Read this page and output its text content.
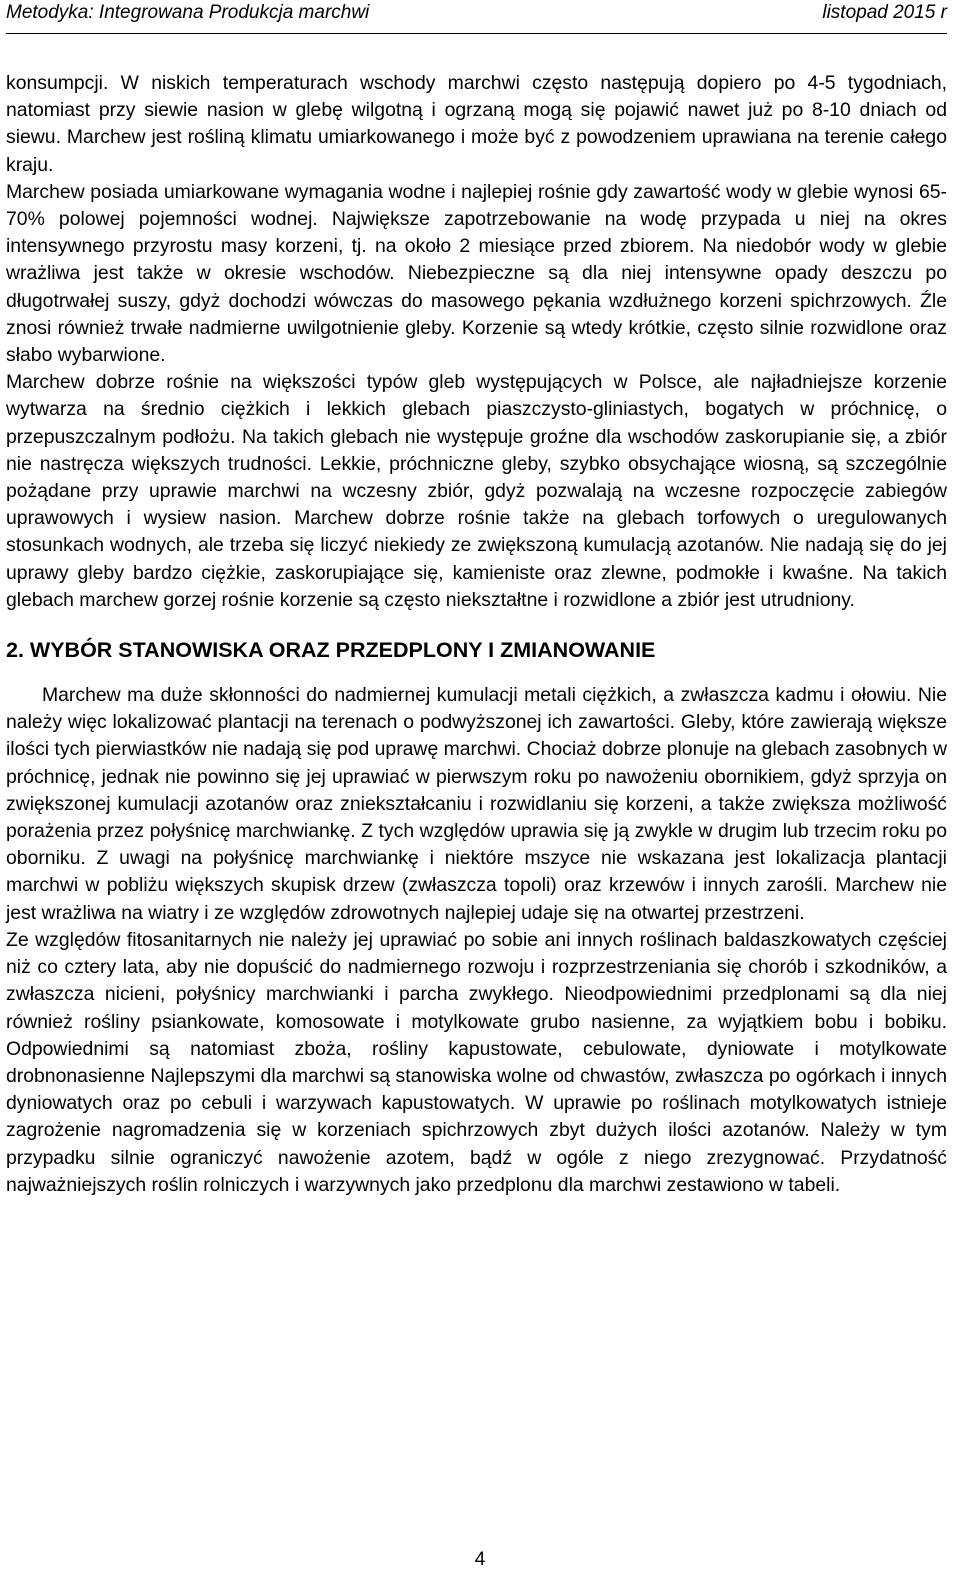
Metodyka: Integrowana Produkcja marchwi	listopad 2015 r

konsumpcji. W niskich temperaturach wschody marchwi często następują dopiero po 4-5 tygodniach, natomiast przy siewie nasion w glebę wilgotną i ogrzaną mogą się pojawić nawet już po 8-10 dniach od siewu. Marchew jest rośliną klimatu umiarkowanego i może być z powodzeniem uprawiana na terenie całego kraju.

Marchew posiada umiarkowane wymagania wodne i najlepiej rośnie gdy zawartość wody w glebie wynosi 65-70% polowej pojemności wodnej. Największe zapotrzebowanie na wodę przypada u niej na okres intensywnego przyrostu masy korzeni, tj. na około 2 miesiące przed zbiorem. Na niedobór wody w glebie wrażliwa jest także w okresie wschodów. Niebezpieczne są dla niej intensywne opady deszczu po długotrwałej suszy, gdyż dochodzi wówczas do masowego pękania wzdłużnego korzeni spichrzowych. Źle znosi również trwałe nadmierne uwilgotnienie gleby. Korzenie są wtedy krótkie, często silnie rozwidlone oraz słabo wybarwione.

Marchew dobrze rośnie na większości typów gleb występujących w Polsce, ale najładniejsze korzenie wytwarza na średnio ciężkich i lekkich glebach piaszczysto-gliniastych, bogatych w próchnicę, o przepuszczalnym podłożu. Na takich glebach nie występuje groźne dla wschodów zaskorupianie się, a zbiór nie nastręcza większych trudności. Lekkie, próchniczne gleby, szybko obsychające wiosną, są szczególnie pożądane przy uprawie marchwi na wczesny zbiór, gdyż pozwalają na wczesne rozpoczęcie zabiegów uprawowych i wysiew nasion. Marchew dobrze rośnie także na glebach torfowych o uregulowanych stosunkach wodnych, ale trzeba się liczyć niekiedy ze zwiększoną kumulacją azotanów. Nie nadają się do jej uprawy gleby bardzo ciężkie, zaskorupiające się, kamieniste oraz zlewne, podmokłe i kwaśne. Na takich glebach marchew gorzej rośnie korzenie są często niekształtne i rozwidlone a zbiór jest utrudniony.

2. WYBÓR STANOWISKA ORAZ PRZEDPLONY I ZMIANOWANIE

Marchew ma duże skłonności do nadmiernej kumulacji metali ciężkich, a zwłaszcza kadmu i ołowiu. Nie należy więc lokalizować plantacji na terenach o podwyższonej ich zawartości. Gleby, które zawierają większe ilości tych pierwiastków nie nadają się pod uprawę marchwi. Chociaż dobrze plonuje na glebach zasobnych w próchnicę, jednak nie powinno się jej uprawiać w pierwszym roku po nawożeniu obornikiem, gdyż sprzyja on zwiększonej kumulacji azotanów oraz zniekształcaniu i rozwidlaniu się korzeni, a także zwiększa możliwość porażenia przez połyśnicę marchwiankę. Z tych względów uprawia się ją zwykle w drugim lub trzecim roku po oborniku. Z uwagi na połyśnicę marchwiankę i niektóre mszyce nie wskazana jest lokalizacja plantacji marchwi w pobliżu większych skupisk drzew (zwłaszcza topoli) oraz krzewów i innych zarośli. Marchew nie jest wrażliwa na wiatry i ze względów zdrowotnych najlepiej udaje się na otwartej przestrzeni.

Ze względów fitosanitarnych nie należy jej uprawiać po sobie ani innych roślinach baldaszkowatych częściej niż co cztery lata, aby nie dopuścić do nadmiernego rozwoju i rozprzestrzeniania się chorób i szkodników, a zwłaszcza nicieni, połyśnicy marchwianki i parcha zwykłego. Nieodpowiednimi przedplonami są dla niej również rośliny psiankowate, komosowate i motylkowate grubo nasienne, za wyjątkiem bobu i bobiku. Odpowiednimi są natomiast zboża, rośliny kapustowate, cebulowate, dyniowate i motylkowate drobnonasienne Najlepszymi dla marchwi są stanowiska wolne od chwastów, zwłaszcza po ogórkach i innych dyniowatych oraz po cebuli i warzywach kapustowatych. W uprawie po roślinach motylkowatych istnieje zagrożenie nagromadzenia się w korzeniach spichrzowych zbyt dużych ilości azotanów. Należy w tym przypadku silnie ograniczyć nawożenie azotem, bądź w ogóle z niego zrezygnować. Przydatność najważniejszych roślin rolniczych i warzywnych jako przedplonu dla marchwi zestawiono w tabeli.

4
